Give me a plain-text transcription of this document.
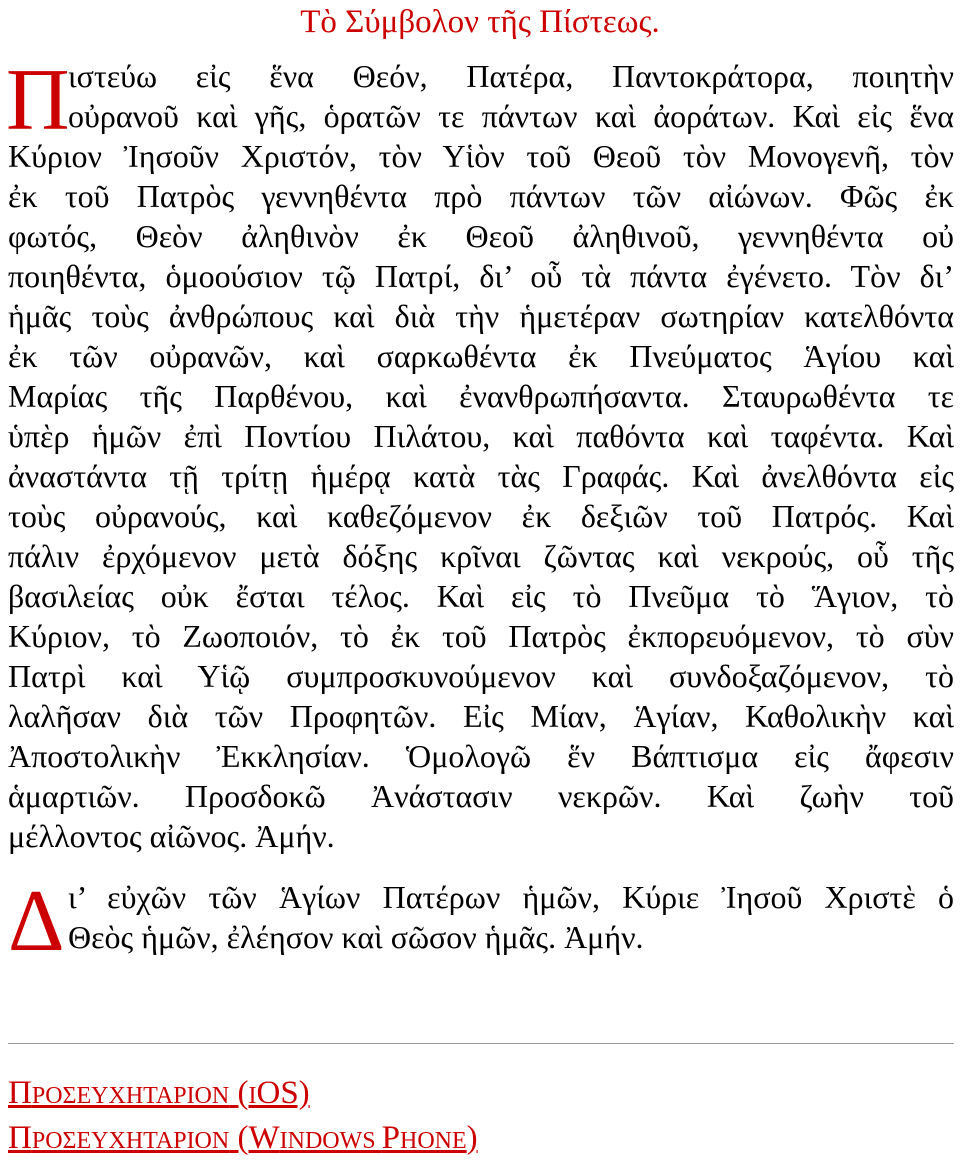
Τὸ Σύμβολον τῆς Πίστεως.
Π
ιστεύω εἰς ἕνα Θεόν, Πατέρα, Παντοκράτορα, ποιητὴν
οὐρανοῦ καὶ γῆς, ὁρατῶν τε πάντων καὶ ἀοράτων. Καὶ εἰς ἕνα
Κύριον Ἰησοῦν Χριστόν, τὸν Υἱὸν τοῦ Θεοῦ τὸν Μονογενῆ, τὸν
ἐκ τοῦ Πατρὸς γεννηθέντα πρὸ πάντων τῶν αἰώνων. Φῶς ἐκ
φωτός, Θεὸν ἀληθινὸν ἐκ Θεοῦ ἀληθινοῦ, γεννηθέντα οὐ
ποιηθέντα, ὁμοούσιον τῷ Πατρί, δι’ οὗ τὰ πάντα ἐγένετο. Τὸν δι’
ἡμᾶς τοὺς ἀνθρώπους καὶ διὰ τὴν ἡμετέραν σωτηρίαν κατελθόντα
ἐκ τῶν οὐρανῶν, καὶ σαρκωθέντα ἐκ Πνεύματος Ἁγίου καὶ
Μαρίας τῆς Παρθένου, καὶ ἐνανθρωπήσαντα. Σταυρωθέντα τε
ὑπὲρ ἡμῶν ἐπὶ Ποντίου Πιλάτου, καὶ παθόντα καὶ ταφέντα. Καὶ
ἀναστάντα τῇ τρίτῃ ἡμέρᾳ κατὰ τὰς Γραφάς. Καὶ ἀνελθόντα εἰς
τοὺς οὐρανούς, καὶ καθεζόμενον ἐκ δεξιῶν τοῦ Πατρός. Καὶ
πάλιν ἐρχόμενον μετὰ δόξης κρῖναι ζῶντας καὶ νεκρούς, οὗ τῆς
βασιλείας οὐκ ἔσται τέλος. Καὶ εἰς τὸ Πνεῦμα τὸ Ἅγιον, τὸ
Κύριον, τὸ Ζωοποιόν, τὸ ἐκ τοῦ Πατρὸς ἐκπορευόμενον, τὸ σὺν
Πατρὶ καὶ Υἱῷ συμπροσκυνούμενον καὶ συνδοξαζόμενον, τὸ
λαλῆσαν διὰ τῶν Προφητῶν. Εἰς Μίαν, Ἁγίαν, Καθολικὴν καὶ
Ἀποστολικὴν Ἐκκλησίαν. Ὁμολογῶ ἕν Βάπτισμα εἰς ἄφεσιν
ἁμαρτιῶν. Προσδοκῶ Ἀνάστασιν νεκρῶν. Καὶ ζωὴν τοῦ
μέλλοντος αἰῶνος. Ἀμήν.
Δ ι’ εὐχῶν τῶν Ἁγίων Πατέρων ἡμῶν, Κύριε Ἰησοῦ Χριστὲ ὁ
Θεὸς ἡμῶν, ἐλέησον καὶ σῶσον ἡμᾶς. Ἀμήν.
ΠΡΟΣΕΥΧΗΤΑΡΙΟΝ (IOS)
ΠΡΟΣΕΥΧΗΤΑΡΙΟΝ (WINDOWS PHONE)
